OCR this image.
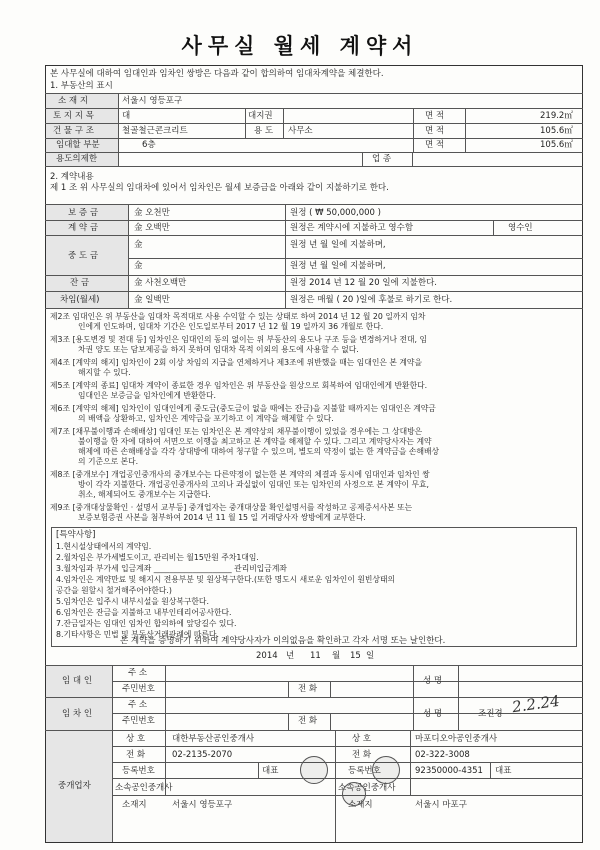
사무실 월세 계약서
본 사무실에 대하여 임대인과 임차인 쌍방은 다음과 같이 합의하여 임대차계약을 체결한다.
1. 부동산의 표시
소 재 지	서울시 영등포구
토 지 지 목	대	대지권	면 적	219.2㎡
건 물 구 조	철골철근콘크리트	용 도 사무소	면 적	105.6㎡
임대할 부분	6층	면 적	105.6㎡
용도의제한	업 종
2. 계약내용
제 1 조 위 사무실의 임대차에 있어서 임차인은 월세 보증금을 아래와 같이 지불하기로 한다.
보 증 금	金 오천만	원정 ( ₩ 50,000,000 )
계 약 금	金 오백만	원정은 계약시에 지불하고 영수함	영수인
중 도 금
金	원정 년 월 일에 지불하며,
金	원정 년 월 일에 지불하며,
잔 금	金 사천오백만	원정 2014 년 12 월 20 일에 지불한다.
차임(월세)	金 일백만	원정은 매월 ( 20 )일에 후불로 하기로 한다.
제2조 임대인은 위 부동산을 임대차 목적대로 사용 수익할 수 있는 상태로 하여 2014 년 12 월 20 일까지 임차
인에게 인도하며, 임대차 기간은 인도일로부터 2017 년 12 월 19 일까지 36 개월로 한다.
제3조 [용도변경 및 전대 등] 임차인은 임대인의 동의 없이는 위 부동산의 용도나 구조 등을 변경하거나 전대, 임
차권 양도 또는 담보제공을 하지 못하며 임대차 목적 이외의 용도에 사용할 수 없다.
제4조 [계약의 해지] 임차인이 2회 이상 차임의 지급을 연체하거나 제3조에 위반했을 때는 임대인은 본 계약을
해지할 수 있다.
제5조 [계약의 종료] 임대차 계약이 종료한 경우 임차인은 위 부동산을 원상으로 회복하여 임대인에게 반환한다.
임대인은 보증금을 임차인에게 반환한다.
제6조 [계약의 해제] 임차인이 임대인에게 중도금(중도금이 없을 때에는 잔금)을 지불할 때까지는 임대인은 계약금
의 배액을 상환하고, 임차인은 계약금을 포기하고 이 계약을 해제할 수 있다.
제7조 [채무불이행과 손해배상] 임대인 또는 임차인은 본 계약상의 채무불이행이 있었을 경우에는 그 상대방은
불이행을 한 자에 대하여 서면으로 이행을 최고하고 본 계약을 해제할 수 있다. 그리고 계약당사자는 계약
해제에 따른 손해배상을 각각 상대방에 대하여 청구할 수 있으며, 별도의 약정이 없는 한 계약금을 손해배상
의 기준으로 본다.
제8조 [중개보수] 개업공인중개사의 중개보수는 다른약정이 없는한 본 계약의 체결과 동시에 임대인과 임차인 쌍
방이 각각 지불한다. 개업공인중개사의 고의나 과실없이 임대인 또는 임차인의 사정으로 본 계약이 무효,
취소, 해제되어도 중개보수는 지급한다.
제9조 [중개대상물확인 · 설명서 교부등] 중개업자는 중개대상물 확인설명서를 작성하고 공제증서사본 또는
보증보험증권 사본을 첨부하여 2014 년 11 월 15 일 거래당사자 쌍방에게 교부한다.
[특약사항]
1.현시설상태에서의 계약임.
2.월차임은 부가세별도이고, 관리비는 월15만원 주차1대임.
3.월차임과 부가세 입금계좌 ____________________ 관리비입금계좌
4.임차인은 계약만료 및 해지시 전용부분 및 원상복구한다.(또한 명도시 새로운 임차인이 원빈상태의
공간을 원할시 철거해주어야한다.)
5.임차인은 입주시 내부시설을 원상복구한다.
6.임차인은 잔금을 지불하고 내부인테리어공사한다.
7.잔금일자는 임대인 임차인 합의하에 앞당길수 있다.
8.기타사항은 민법 및 부동산거래관례에 따른다.
본 계약을 증명하기 위하여 계약당사자가 이의없음을 확인하고 각자 서명 또는 날인한다.
2014 년 11 월 15 일
임 대 인
주 소
주민번호	전 화
성 명
임 차 인
주 소
주민번호	전 화
성 명	조진경 2.2.24
중개업자
상 호	대한부동산공인중개사
전 화	02-2135-2070
등록번호	대표
소속공인중개사
소재지	서울시 영등포구
상 호	마포디오아공인중개사
전 화	02-322-3008
등록번호	92350000-4351 대표
소속공인중개사
소재지	서울시 마포구
